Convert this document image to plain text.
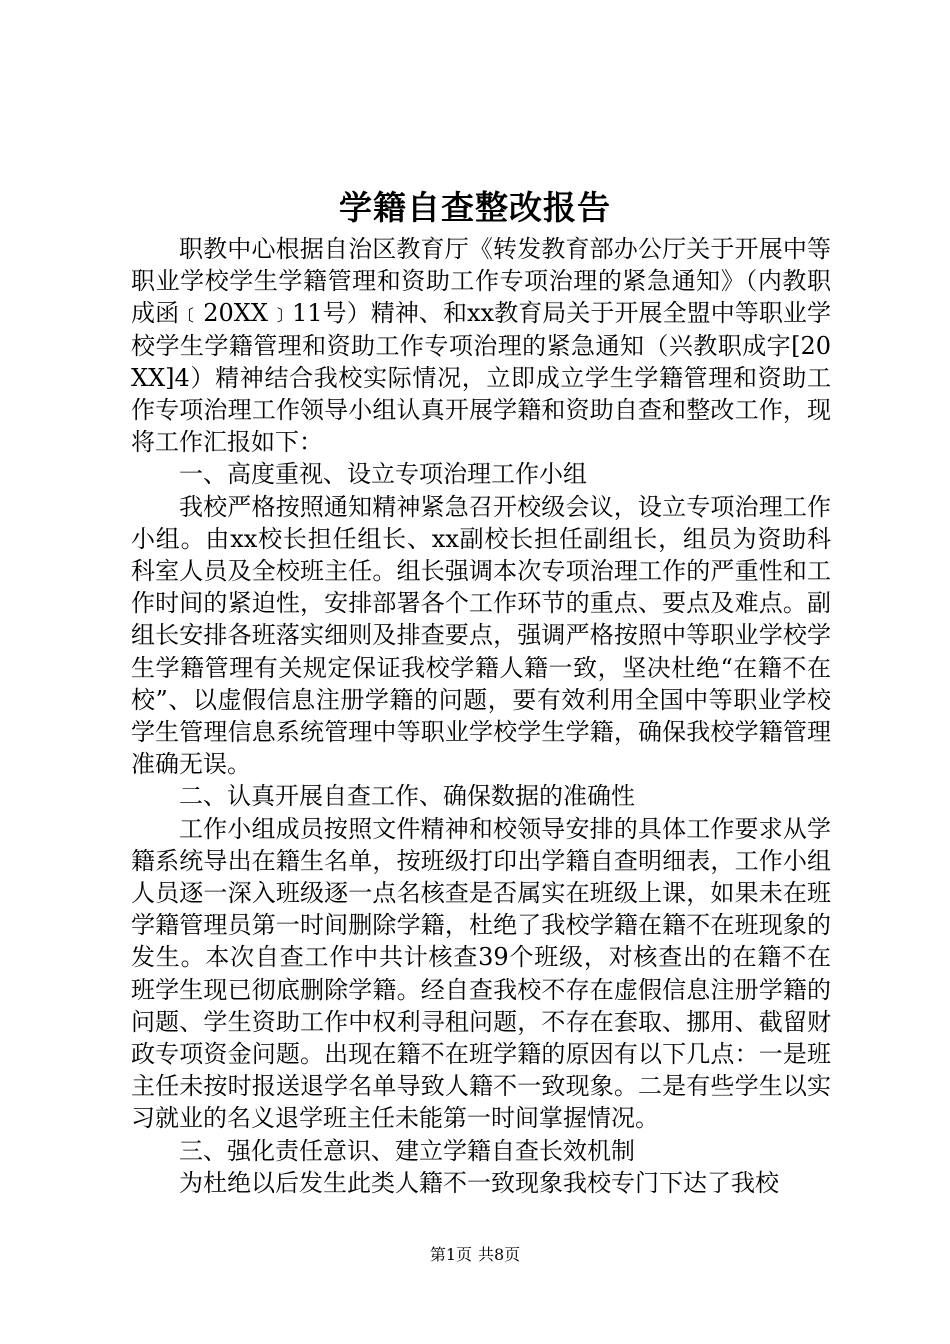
学籍自查整改报告

职教中心根据自治区教育厅《转发教育部办公厅关于开展中等职业学校学生学籍管理和资助工作专项治理的紧急通知》（内教职成函﹝20XX﹞11号）精神、和xx教育局关于开展全盟中等职业学校学生学籍管理和资助工作专项治理的紧急通知（兴教职成字[20XX]4）精神结合我校实际情况，立即成立学生学籍管理和资助工作专项治理工作领导小组认真开展学籍和资助自查和整改工作，现将工作汇报如下：

一、高度重视、设立专项治理工作小组

我校严格按照通知精神紧急召开校级会议，设立专项治理工作小组。由xx校长担任组长、xx副校长担任副组长，组员为资助科科室人员及全校班主任。组长强调本次专项治理工作的严重性和工作时间的紧迫性，安排部署各个工作环节的重点、要点及难点。副组长安排各班落实细则及排查要点，强调严格按照中等职业学校学生学籍管理有关规定保证我校学籍人籍一致，坚决杜绝“在籍不在校”、以虚假信息注册学籍的问题，要有效利用全国中等职业学校学生管理信息系统管理中等职业学校学生学籍，确保我校学籍管理准确无误。

二、认真开展自查工作、确保数据的准确性

工作小组成员按照文件精神和校领导安排的具体工作要求从学籍系统导出在籍生名单，按班级打印出学籍自查明细表，工作小组人员逐一深入班级逐一点名核查是否属实在班级上课，如果未在班学籍管理员第一时间删除学籍，杜绝了我校学籍在籍不在班现象的发生。本次自查工作中共计核查39个班级，对核查出的在籍不在班学生现已彻底删除学籍。经自查我校不存在虚假信息注册学籍的问题、学生资助工作中权利寻租问题，不存在套取、挪用、截留财政专项资金问题。出现在籍不在班学籍的原因有以下几点：一是班主任未按时报送退学名单导致人籍不一致现象。二是有些学生以实习就业的名义退学班主任未能第一时间掌握情况。

三、强化责任意识、建立学籍自查长效机制

为杜绝以后发生此类人籍不一致现象我校专门下达了我校

第1页 共8页
